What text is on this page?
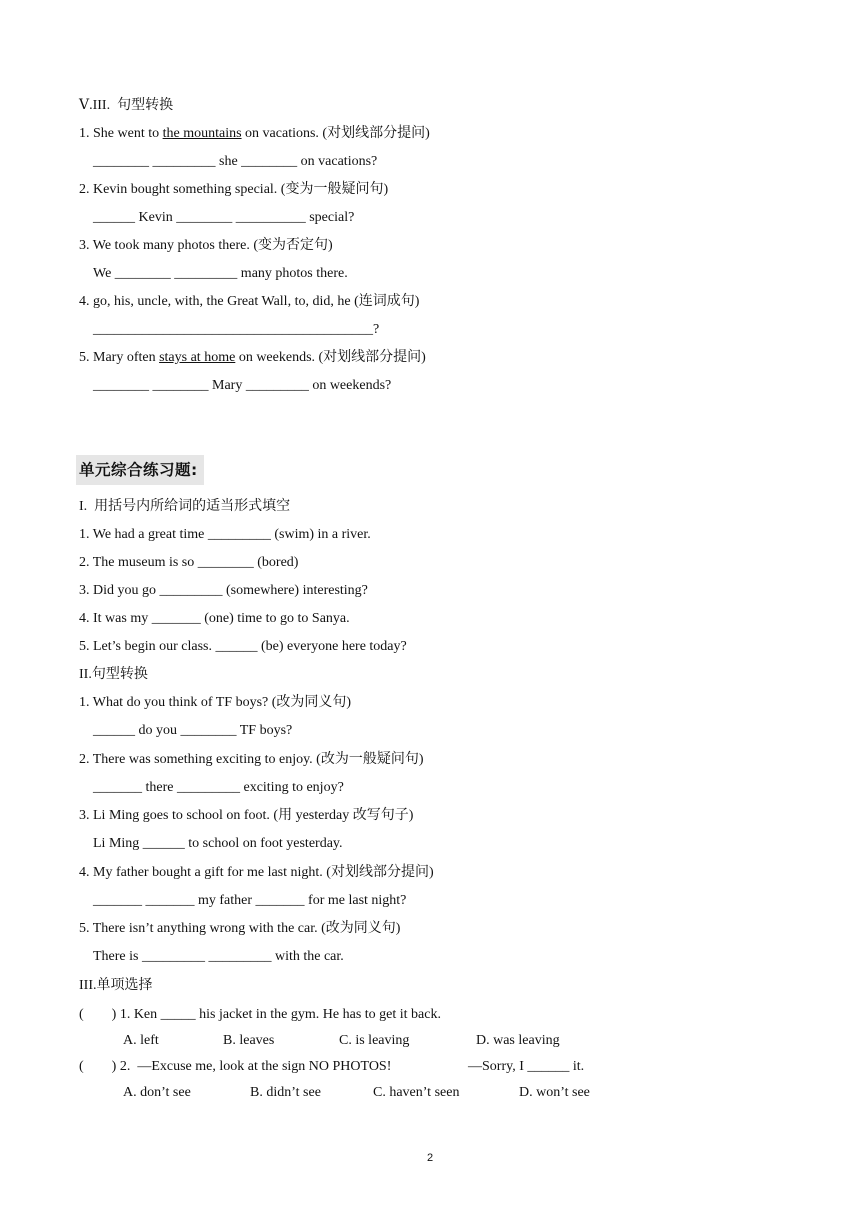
Ⅴ.III.  句型转换
1. She went to the mountains on vacations. (对划线部分提问)
________ _________ she ________ on vacations?
2. Kevin bought something special. (变为一般疑问句)
______ Kevin ________ __________ special?
3. We took many photos there. (变为否定句)
We ________ _________ many photos there.
4. go, his, uncle, with, the Great Wall, to, did, he (连词成句)
________________________________________?
5. Mary often stays at home on weekends. (对划线部分提问)
________ ________ Mary _________ on weekends?
单元综合练习题:
I.  用括号内所给词的适当形式填空
1. We had a great time _________ (swim) in a river.
2. The museum is so ________ (bored)
3. Did you go _________ (somewhere) interesting?
4. It was my _______ (one) time to go to Sanya.
5. Let’s begin our class. ______ (be) everyone here today?
II.句型转换
1. What do you think of TF boys? (改为同义句)
______ do you ________ TF boys?
2. There was something exciting to enjoy. (改为一般疑问句)
_______ there _________ exciting to enjoy?
3. Li Ming goes to school on foot. (用 yesterday 改写句子)
Li Ming ______ to school on foot yesterday.
4. My father bought a gift for me last night. (对划线部分提问)
_______ _______ my father _______ for me last night?
5. There isn’t anything wrong with the car. (改为同义句)
There is _________ _________ with the car.
III.单项选择
(        ) 1. Ken _____ his jacket in the gym. He has to get it back.
A. left	B. leaves	C. is leaving	D. was leaving
(        ) 2.  —Excuse me, look at the sign NO PHOTOS!	—Sorry, I ______ it.
A. don’t see	B. didn’t see	C. haven’t seen	D. won’t see
2
